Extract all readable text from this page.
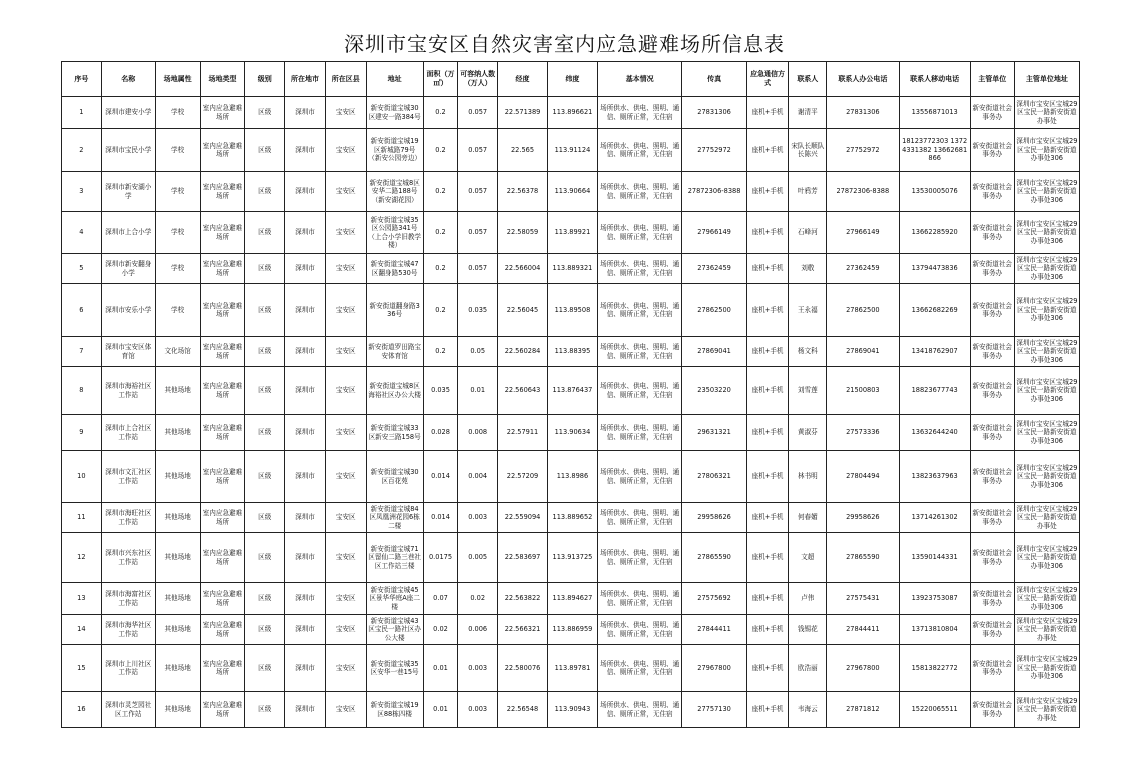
深圳市宝安区自然灾害室内应急避难场所信息表
序号	名称	场地属性	场地类型	级别	所在地市	所在区县	地址	面积（万㎡）	可容纳人数（万人）	经度	纬度	基本情况	传真	应急通信方式	联系人	联系人办公电话	联系人移动电话	主管单位	主管单位地址
1	深圳市建安小学	学校	室内应急避难场所	区级	深圳市	宝安区	新安街道宝城30区建安一路384号	0.2	0.057	22.571389	113.896621	场所供水、供电、照明、通信、厕所正常，无住宿	27831306	座机+手机	谢清平	27831306	13556871013	新安街道社会事务办	深圳市宝安区宝城29区宝民一路新安街道办事处
2	深圳市宝民小学	学校	室内应急避难场所	区级	深圳市	宝安区	新安街道宝城19区新城路79号（新安公园旁边）	0.2	0.057	22.565	113.91124	场所供水、供电、照明、通信、厕所正常，无住宿	27752972	座机+手机	宋队长顺队长陈兴	27752972	18123772303 13724331382 13662681866	新安街道社会事务办	深圳市宝安区宝城29区宝民一路新安街道办事处306
3	深圳市新安湖小学	学校	室内应急避难场所	区级	深圳市	宝安区	新安街道宝城8区安华二路188号（新安湖花园）	0.2	0.057	22.56378	113.90664	场所供水、供电、照明、通信、厕所正常，无住宿	27872306-8388	座机+手机	叶鸦芳	27872306-8388	13530005076	新安街道社会事务办	深圳市宝安区宝城29区宝民一路新安街道办事处306
4	深圳市上合小学	学校	室内应急避难场所	区级	深圳市	宝安区	新安街道宝城35区公园路341号（上合小学旧教学楼）	0.2	0.057	22.58059	113.89921	场所供水、供电、照明、通信、厕所正常，无住宿	27966149	座机+手机	石峰河	27966149	13662285920	新安街道社会事务办	深圳市宝安区宝城29区宝民一路新安街道办事处306
5	深圳市新安翻身小学	学校	室内应急避难场所	区级	深圳市	宝安区	新安街道宝城47区翻身路530号	0.2	0.057	22.566004	113.889321	场所供水、供电、照明、通信、厕所正常，无住宿	27362459	座机+手机	刘敬	27362459	13794473836	新安街道社会事务办	深圳市宝安区宝城29区宝民一路新安街道办事处306
6	深圳市安乐小学	学校	室内应急避难场所	区级	深圳市	宝安区	新安街道翻身路336号	0.2	0.035	22.56045	113.89508	场所供水、供电、照明、通信、厕所正常，无住宿	27862500	座机+手机	王永福	27862500	13662682269	新安街道社会事务办	深圳市宝安区宝城29区宝民一路新安街道办事处306
7	深圳市宝安区体育馆	文化场馆	室内应急避难场所	区级	深圳市	宝安区	新安街道罗田路宝安体育馆	0.2	0.05	22.560284	113.88395	场所供水、供电、照明、通信、厕所正常，无住宿	27869041	座机+手机	杨文科	27869041	13418762907	新安街道社会事务办	深圳市宝安区宝城29区宝民一路新安街道办事处306
8	深圳市海裕社区工作站	其他场地	室内应急避难场所	区级	深圳市	宝安区	新安街道宝城8区海裕社区办公大楼	0.035	0.01	22.560643	113.876437	场所供水、供电、照明、通信、厕所正常，无住宿	23503220	座机+手机	刘雪莲	21500803	18823677743	新安街道社会事务办	深圳市宝安区宝城29区宝民一路新安街道办事处306
9	深圳市上合社区工作站	其他场地	室内应急避难场所	区级	深圳市	宝安区	新安街道宝城33区新安三路158号	0.028	0.008	22.57911	113.90634	场所供水、供电、照明、通信、厕所正常，无住宿	29631321	座机+手机	黄淑芬	27573336	13632644240	新安街道社会事务办	深圳市宝安区宝城29区宝民一路新安街道办事处306
10	深圳市文汇社区工作站	其他场地	室内应急避难场所	区级	深圳市	宝安区	新安街道宝城30区百花苑	0.014	0.004	22.57209	113.8986	场所供水、供电、照明、通信、厕所正常，无住宿	27806321	座机+手机	林书明	27804494	13823637963	新安街道社会事务办	深圳市宝安区宝城29区宝民一路新安街道办事处306
11	深圳市海旺社区工作站	其他场地	室内应急避难场所	区级	深圳市	宝安区	新安街道宝城84区凤凰洲花园6栋二楼	0.014	0.003	22.559094	113.889652	场所供水、供电、照明、通信、厕所正常，无住宿	29958626	座机+手机	何春媚	29958626	13714261302	新安街道社会事务办	深圳市宝安区宝城29区宝民一路新安街道办事处
12	深圳市兴东社区工作站	其他场地	室内应急避难场所	区级	深圳市	宝安区	新安街道宝城71区留仙二路三巷社区工作站三楼	0.0175	0.005	22.583697	113.913725	场所供水、供电、照明、通信、厕所正常，无住宿	27865590	座机+手机	文超	27865590	13590144331	新安街道社会事务办	深圳市宝安区宝城29区宝民一路新安街道办事处306
13	深圳市海富社区工作站	其他场地	室内应急避难场所	区级	深圳市	宝安区	新安街道宝城45区景华华庭A座二楼	0.07	0.02	22.563822	113.894627	场所供水、供电、照明、通信、厕所正常，无住宿	27575692	座机+手机	卢伟	27575431	13923753087	新安街道社会事务办	深圳市宝安区宝城29区宝民一路新安街道办事处306
14	深圳市海华社区工作站	其他场地	室内应急避难场所	区级	深圳市	宝安区	新安街道宝城43区宝民一路社区办公大楼	0.02	0.006	22.566321	113.886959	场所供水、供电、照明、通信、厕所正常，无住宿	27844411	座机+手机	钱锡花	27844411	13713810804	新安街道社会事务办	深圳市宝安区宝城29区宝民一路新安街道办事处
15	深圳市上川社区工作站	其他场地	室内应急避难场所	区级	深圳市	宝安区	新安街道宝城35区安华一巷15号	0.01	0.003	22.580076	113.89781	场所供水、供电、照明、通信、厕所正常，无住宿	27967800	座机+手机	欧浩丽	27967800	15813822772	新安街道社会事务办	深圳市宝安区宝城29区宝民一路新安街道办事处306
16	深圳市灵芝园社区工作站	其他场地	室内应急避难场所	区级	深圳市	宝安区	新安街道宝城19区88栋四楼	0.01	0.003	22.56548	113.90943	场所供水、供电、照明、通信、厕所正常，无住宿	27757130	座机+手机	韦海云	27871812	15220065511	新安街道社会事务办	深圳市宝安区宝城29区宝民一路新安街道办事处
